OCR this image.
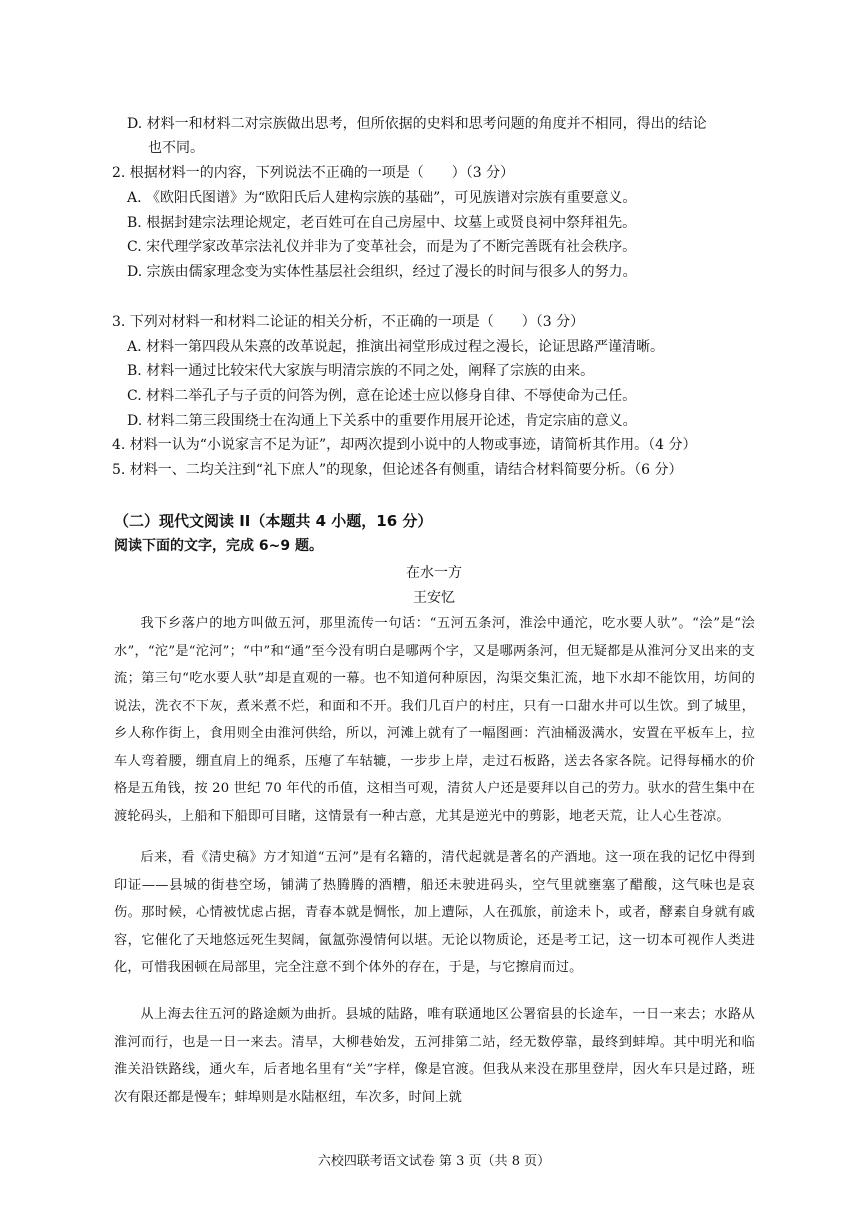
D. 材料一和材料二对宗族做出思考，但所依据的史料和思考问题的角度并不相同，得出的结论
也不同。
2. 根据材料一的内容，下列说法不正确的一项是（　　）（3 分）
A. 《欧阳氏图谱》为“欧阳氏后人建构宗族的基础”，可见族谱对宗族有重要意义。
B. 根据封建宗法理论规定，老百姓可在自己房屋中、坟墓上或贤良祠中祭拜祖先。
C. 宋代理学家改革宗法礼仪并非为了变革社会，而是为了不断完善既有社会秩序。
D. 宗族由儒家理念变为实体性基层社会组织，经过了漫长的时间与很多人的努力。
3. 下列对材料一和材料二论证的相关分析，不正确的一项是（　　）（3 分）
A. 材料一第四段从朱熹的改革说起，推演出祠堂形成过程之漫长，论证思路严谨清晰。
B. 材料一通过比较宋代大家族与明清宗族的不同之处，阐释了宗族的由来。
C. 材料二举孔子与子贡的问答为例，意在论述士应以修身自律、不辱使命为己任。
D. 材料二第三段围绕士在沟通上下关系中的重要作用展开论述，肯定宗庙的意义。
4. 材料一认为“小说家言不足为证”，却两次提到小说中的人物或事迹，请简析其作用。（4 分）
5. 材料一、二均关注到“礼下庶人”的现象，但论述各有侧重，请结合材料简要分析。（6 分）
（二）现代文阅读 II（本题共 4 小题，16 分）
阅读下面的文字，完成 6~9 题。
在水一方
王安忆

我下乡落户的地方叫做五河，那里流传一句话：“五河五条河，淮浍中通沱，吃水要人驮”。“浍”是“浍水”，“沱”是“沱河”；“中”和“通”至今没有明白是哪两个字，又是哪两条河，但无疑都是从淮河分叉出来的支流；第三句“吃水要人驮”却是直观的一幕。也不知道何种原因，沟渠交集汇流，地下水却不能饮用，坊间的说法，洗衣不下灰，煮米煮不烂，和面和不开。我们几百户的村庄，只有一口甜水井可以生饮。到了城里，乡人称作街上，食用则全由淮河供给，所以，河滩上就有了一幅图画：汽油桶汲满水，安置在平板车上，拉车人弯着腰，绷直肩上的绳系，压瘪了车轱辘，一步步上岸，走过石板路，送去各家各院。记得每桶水的价格是五角钱，按 20 世纪 70 年代的币值，这相当可观，清贫人户还是要拜以自己的劳力。驮水的营生集中在渡轮码头，上船和下船即可目睹，这情景有一种古意，尤其是逆光中的剪影，地老天荒，让人心生苍凉。

后来，看《清史稿》方才知道“五河”是有名籍的，清代起就是著名的产酒地。这一项在我的记忆中得到印证——县城的街巷空场，铺满了热腾腾的酒糟，船还未驶进码头，空气里就壅塞了醋酸，这气味也是哀伤。那时候，心情被忧虑占据，青春本就是惆怅，加上遭际，人在孤旅，前途未卜，或者，酵素自身就有戚容，它催化了天地悠远死生契阔，氤氲弥漫情何以堪。无论以物质论，还是考工记，这一切本可视作人类进化，可惜我困顿在局部里，完全注意不到个体外的存在，于是，与它擦肩而过。

从上海去往五河的路途颇为曲折。县城的陆路，唯有联通地区公署宿县的长途车，一日一来去；水路从淮河而行，也是一日一来去。清早，大柳巷始发，五河排第二站，经无数停靠，最终到蚌埠。其中明光和临淮关沿铁路线，通火车，后者地名里有“关”字样，像是官渡。但我从来没在那里登岸，因火车只是过路，班次有限还都是慢车；蚌埠则是水陆枢纽，车次多，时间上就

六校四联考语文试卷 第 3 页（共 8 页）
